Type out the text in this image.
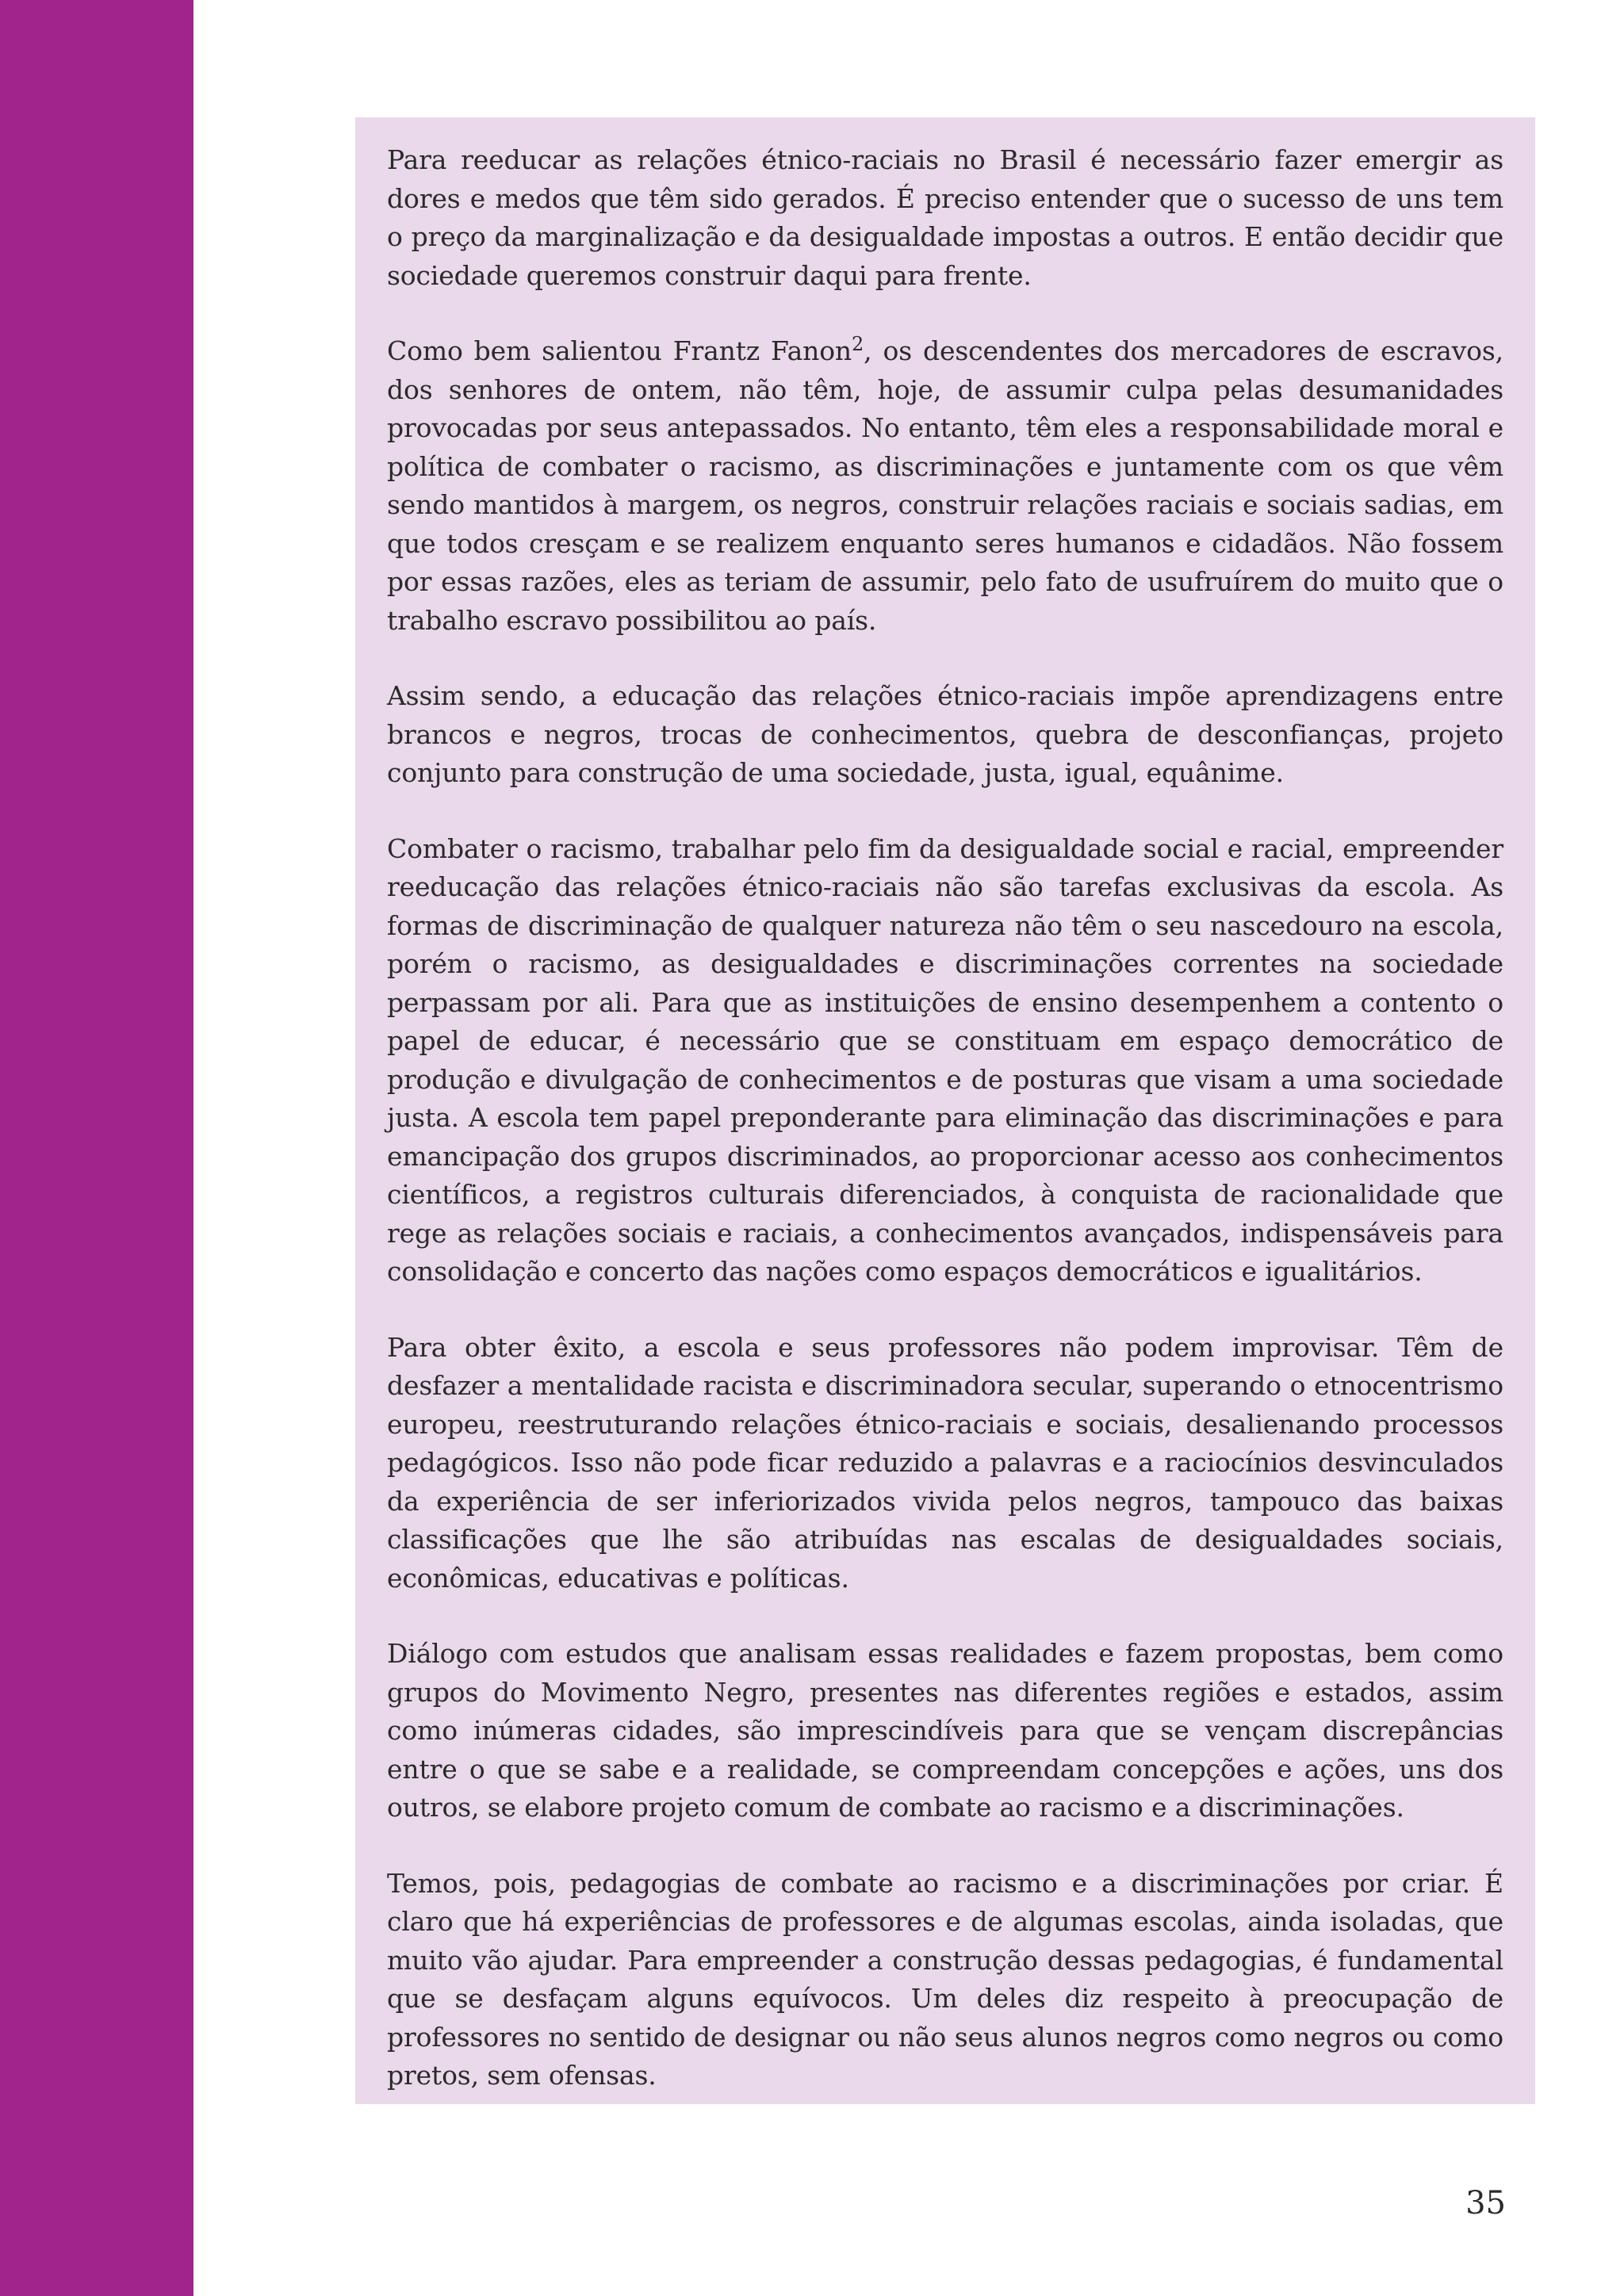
Para reeducar as relações étnico-raciais no Brasil é necessário fazer emergir as dores e medos que têm sido gerados. É preciso entender que o sucesso de uns tem o preço da marginalização e da desigualdade impostas a outros. E então decidir que sociedade queremos construir daqui para frente.

Como bem salientou Frantz Fanon$^2$, os descendentes dos mercadores de escravos, dos senhores de ontem, não têm, hoje, de assumir culpa pelas desumanidades provocadas por seus antepassados. No entanto, têm eles a responsabilidade moral e política de combater o racismo, as discriminações e juntamente com os que vêm sendo mantidos à margem, os negros, construir relações raciais e sociais sadias, em que todos cresçam e se realizem enquanto seres humanos e cidadãos. Não fossem por essas razões, eles as teriam de assumir, pelo fato de usufruírem do muito que o trabalho escravo possibilitou ao país.

Assim sendo, a educação das relações étnico-raciais impõe aprendizagens entre brancos e negros, trocas de conhecimentos, quebra de desconfianças, projeto conjunto para construção de uma sociedade, justa, igual, equânime.

Combater o racismo, trabalhar pelo fim da desigualdade social e racial, empreender reeducação das relações étnico-raciais não são tarefas exclusivas da escola. As formas de discriminação de qualquer natureza não têm o seu nascedouro na escola, porém o racismo, as desigualdades e discriminações correntes na sociedade perpassam por ali. Para que as instituições de ensino desempenhem a contento o papel de educar, é necessário que se constituam em espaço democrático de produção e divulgação de conhecimentos e de posturas que visam a uma sociedade justa. A escola tem papel preponderante para eliminação das discriminações e para emancipação dos grupos discriminados, ao proporcionar acesso aos conhecimentos científicos, a registros culturais diferenciados, à conquista de racionalidade que rege as relações sociais e raciais, a conhecimentos avançados, indispensáveis para consolidação e concerto das nações como espaços democráticos e igualitários.

Para obter êxito, a escola e seus professores não podem improvisar. Têm de desfazer a mentalidade racista e discriminadora secular, superando o etnocentrismo europeu, reestruturando relações étnico-raciais e sociais, desalienando processos pedagógicos. Isso não pode ficar reduzido a palavras e a raciocínios desvinculados da experiência de ser inferiorizados vivida pelos negros, tampouco das baixas classificações que lhe são atribuídas nas escalas de desigualdades sociais, econômicas, educativas e políticas.

Diálogo com estudos que analisam essas realidades e fazem propostas, bem como grupos do Movimento Negro, presentes nas diferentes regiões e estados, assim como inúmeras cidades, são imprescindíveis para que se vençam discrepâncias entre o que se sabe e a realidade, se compreendam concepções e ações, uns dos outros, se elabore projeto comum de combate ao racismo e a discriminações.

Temos, pois, pedagogias de combate ao racismo e a discriminações por criar. É claro que há experiências de professores e de algumas escolas, ainda isoladas, que muito vão ajudar. Para empreender a construção dessas pedagogias, é fundamental que se desfaçam alguns equívocos. Um deles diz respeito à preocupação de professores no sentido de designar ou não seus alunos negros como negros ou como pretos, sem ofensas.

35
